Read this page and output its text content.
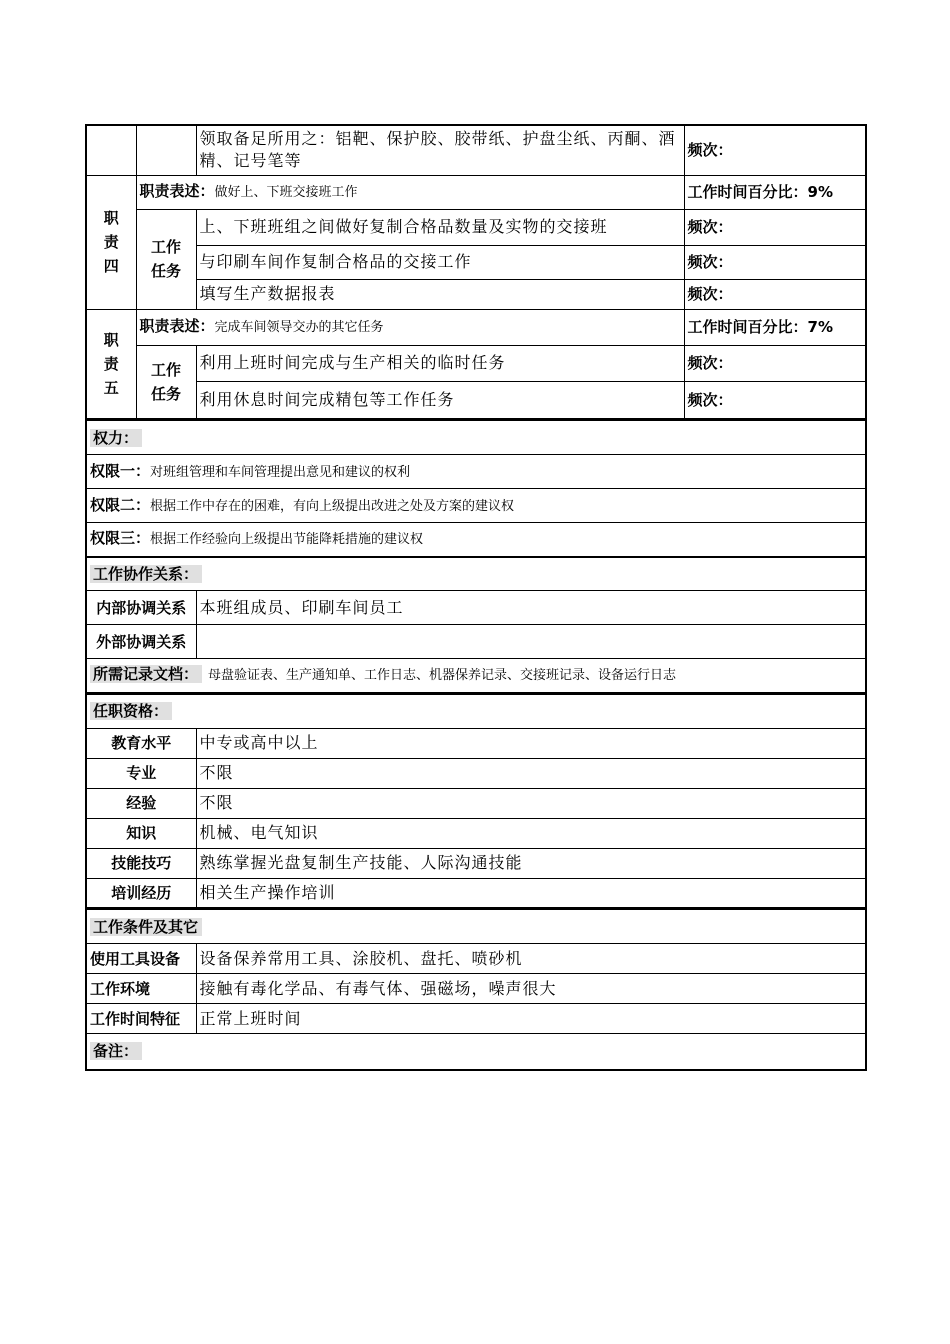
		领取备足所用之：铝靶、保护胶、胶带纸、护盘尘纸、丙酮、酒精、记号笔等	频次：

职责四	职责表述：做好上、下班交接班工作		工作时间百分比：9%

	工作任务	上、下班班组之间做好复制合格品数量及实物的交接班	频次：
		与印刷车间作复制合格品的交接工作	频次：
		填写生产数据报表	频次：

职责五	职责表述：完成车间领导交办的其它任务		工作时间百分比：7%

	工作任务	利用上班时间完成与生产相关的临时任务	频次：
		利用休息时间完成精包等工作任务	频次：
权力：	
权限一：对班组管理和车间管理提出意见和建议的权利	
权限二：根据工作中存在的困难，有向上级提出改进之处及方案的建议权	
权限三：根据工作经验向上级提出节能降耗措施的建议权	
工作协作关系：	
内部协调关系	本班组成员、印刷车间员工
外部协调关系	
所需记录文档： 母盘验证表、生产通知单、工作日志、机器保养记录、交接班记录、设备运行日志	
任职资格：	
教育水平	中专或高中以上
专业	不限
经验	不限
知识	机械、电气知识
技能技巧	熟练掌握光盘复制生产技能、人际沟通技能
培训经历	相关生产操作培训
工作条件及其它	
使用工具设备	设备保养常用工具、涂胶机、盘托、喷砂机
工作环境	接触有毒化学品、有毒气体、强磁场，噪声很大
工作时间特征	正常上班时间
备注：	
